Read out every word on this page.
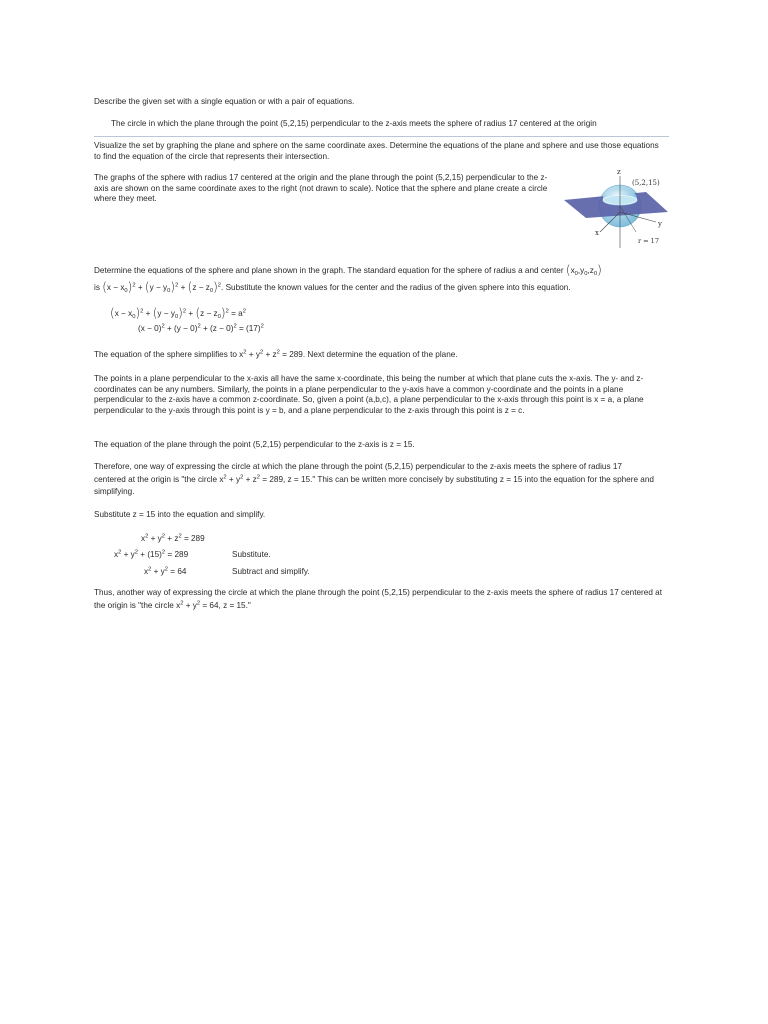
Describe the given set with a single equation or with a pair of equations.
The circle in which the plane through the point (5,2,15) perpendicular to the z-axis meets the sphere of radius 17 centered at the origin
Visualize the set by graphing the plane and sphere on the same coordinate axes. Determine the equations of the plane and sphere and use those equations to find the equation of the circle that represents their intersection.
The graphs of the sphere with radius 17 centered at the origin and the plane through the point (5,2,15) perpendicular to the z-axis are shown on the same coordinate axes to the right (not drawn to scale). Notice that the sphere and plane create a circle where they meet.
z
(5,2,15)
y
x
r = 17
Determine the equations of the sphere and plane shown in the graph. The standard equation for the sphere of radius a and center $(x_0,y_0,z_0)$
is $(x - x_0)^2 + (y - y_0)^2 + (z - z_0)^2$. Substitute the known values for the center and the radius of the given sphere into this equation.
$(x - x_0)^2 + (y - y_0)^2 + (z - z_0)^2 = a^2$
$(x - 0)^2 + (y - 0)^2 + (z - 0)^2 = (17)^2$
The equation of the sphere simplifies to $x^2 + y^2 + z^2 = 289$. Next determine the equation of the plane.
The points in a plane perpendicular to the x-axis all have the same x-coordinate, this being the number at which that plane cuts the x-axis. The y- and z-coordinates can be any numbers. Similarly, the points in a plane perpendicular to the y-axis have a common y-coordinate and the points in a plane perpendicular to the z-axis have a common z-coordinate. So, given a point (a,b,c), a plane perpendicular to the x-axis through this point is x = a, a plane perpendicular to the y-axis through this point is y = b, and a plane perpendicular to the z-axis through this point is z = c.
The equation of the plane through the point (5,2,15) perpendicular to the z-axis is z = 15.
Therefore, one way of expressing the circle at which the plane through the point (5,2,15) perpendicular to the z-axis meets the sphere of radius 17 centered at the origin is "the circle $x^2 + y^2 + z^2 = 289$, z = 15." This can be written more concisely by substituting z = 15 into the equation for the sphere and simplifying.
Substitute z = 15 into the equation and simplify.
$x^2 + y^2 + z^2 = 289$
$x^2 + y^2 + (15)^2 = 289$	Substitute.
$x^2 + y^2 = 64$	Subtract and simplify.
Thus, another way of expressing the circle at which the plane through the point (5,2,15) perpendicular to the z-axis meets the sphere of radius 17 centered at the origin is "the circle $x^2 + y^2 = 64$, z = 15."
